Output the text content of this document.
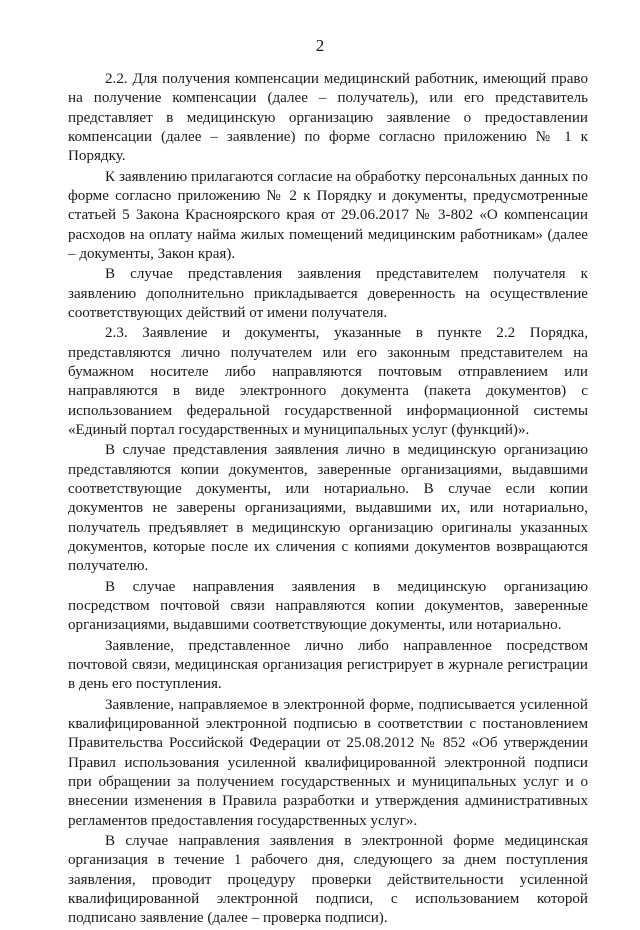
2

2.2. Для получения компенсации медицинский работник, имеющий право на получение компенсации (далее – получатель), или его представитель представляет в медицинскую организацию заявление о предоставлении компенсации (далее – заявление) по форме согласно приложению № 1 к Порядку.

К заявлению прилагаются согласие на обработку персональных данных по форме согласно приложению № 2 к Порядку и документы, предусмотренные статьей 5 Закона Красноярского края от 29.06.2017 № 3-802 «О компенсации расходов на оплату найма жилых помещений медицинским работникам» (далее – документы, Закон края).

В случае представления заявления представителем получателя к заявлению дополнительно прикладывается доверенность на осуществление соответствующих действий от имени получателя.

2.3. Заявление и документы, указанные в пункте 2.2 Порядка, представляются лично получателем или его законным представителем на бумажном носителе либо направляются почтовым отправлением или направляются в виде электронного документа (пакета документов) с использованием федеральной государственной информационной системы «Единый портал государственных и муниципальных услуг (функций)».

В случае представления заявления лично в медицинскую организацию представляются копии документов, заверенные организациями, выдавшими соответствующие документы, или нотариально. В случае если копии документов не заверены организациями, выдавшими их, или нотариально, получатель предъявляет в медицинскую организацию оригиналы указанных документов, которые после их сличения с копиями документов возвращаются получателю.

В случае направления заявления в медицинскую организацию посредством почтовой связи направляются копии документов, заверенные организациями, выдавшими соответствующие документы, или нотариально.

Заявление, представленное лично либо направленное посредством почтовой связи, медицинская организация регистрирует в журнале регистрации в день его поступления.

Заявление, направляемое в электронной форме, подписывается усиленной квалифицированной электронной подписью в соответствии с постановлением Правительства Российской Федерации от 25.08.2012 № 852 «Об утверждении Правил использования усиленной квалифицированной электронной подписи при обращении за получением государственных и муниципальных услуг и о внесении изменения в Правила разработки и утверждения административных регламентов предоставления государственных услуг».

В случае направления заявления в электронной форме медицинская организация в течение 1 рабочего дня, следующего за днем поступления заявления, проводит процедуру проверки действительности усиленной квалифицированной электронной подписи, с использованием которой подписано заявление (далее – проверка подписи).
